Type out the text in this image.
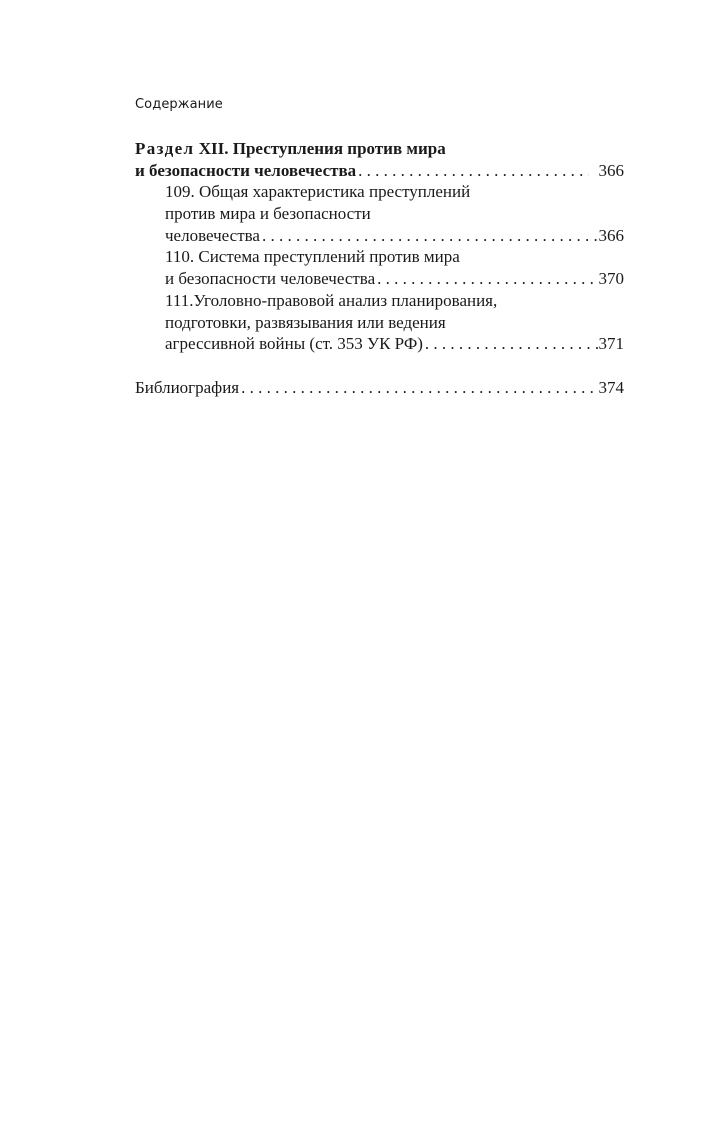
Содержание
Раздел
XII. Преступления против мира
и безопасности человечества . . .	366
109. Общая характеристика преступлений
против мира и безопасности
человечества . . .	366
110. Система преступлений против мира
и безопасности человечества . . .	370
111.Уголовно-правовой анализ планирования,
подготовки, развязывания или ведения
агрессивной войны (ст. 353 УК РФ) . . .	371
Библиография . . .	374
